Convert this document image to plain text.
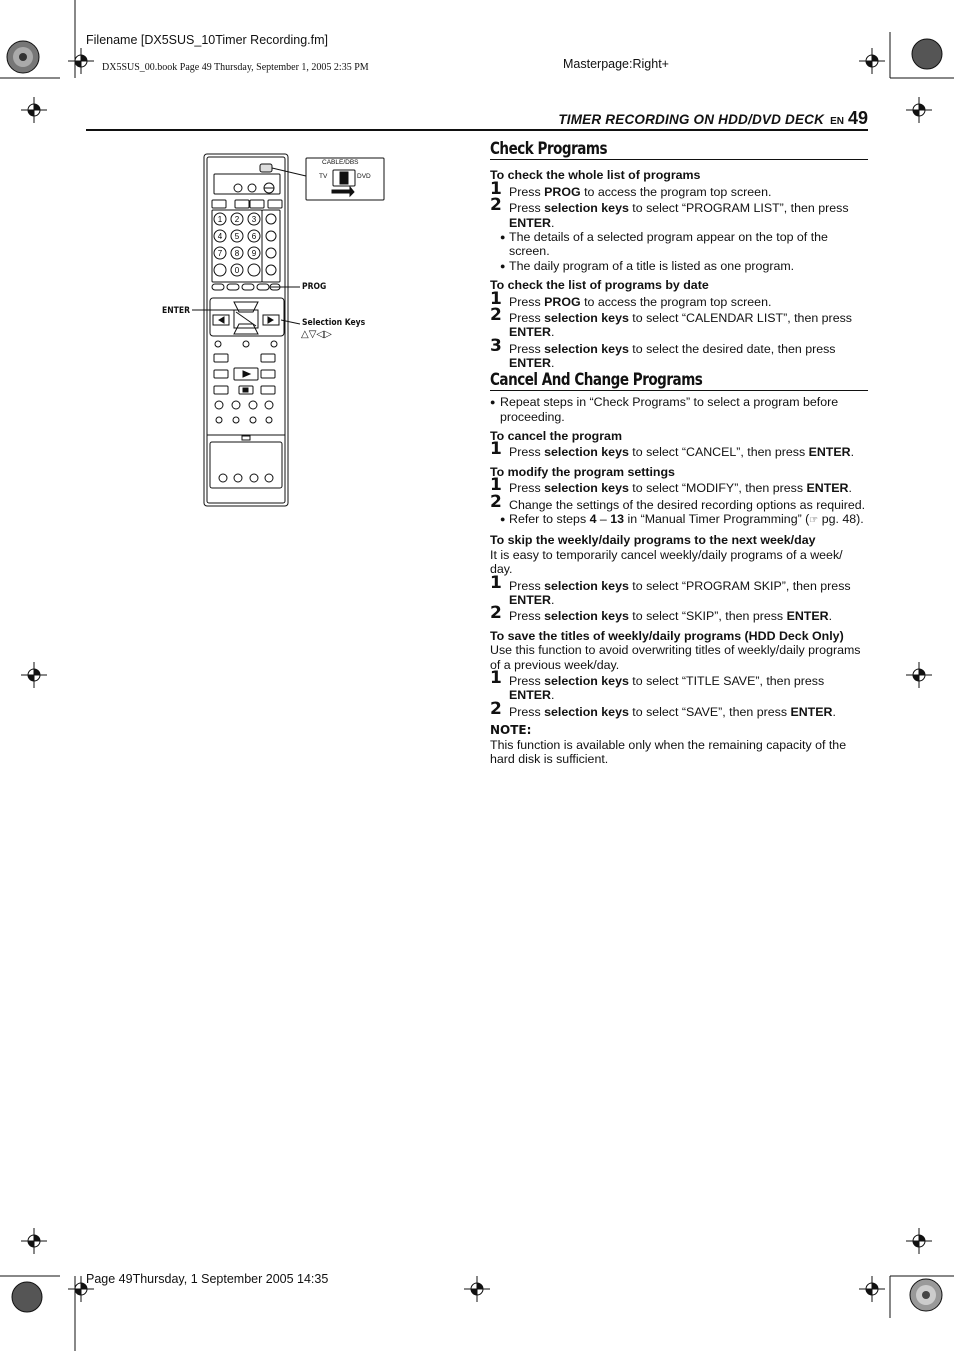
Filename [DX5SUS_10Timer Recording.fm]
DX5SUS_00.book Page 49 Thursday, September 1, 2005 2:35 PM	Masterpage:Right+
TIMER RECORDING ON HDD/DVD DECK EN 49
1 2 3
4 5 6
7 8 9
0
CABLE/DBS
TV	DVD
PROG
ENTER
Selection Keys
△▽◁▷
Check Programs
To check the whole list of programs
1 Press PROG to access the program top screen.
2 Press selection keys to select “PROGRAM LIST”, then press ENTER.
● The details of a selected program appear on the top of the screen.
● The daily program of a title is listed as one program.
To check the list of programs by date
1 Press PROG to access the program top screen.
2 Press selection keys to select “CALENDAR LIST”, then press ENTER.
3 Press selection keys to select the desired date, then press ENTER.
Cancel And Change Programs
● Repeat steps in “Check Programs” to select a program before proceeding.
To cancel the program
1 Press selection keys to select “CANCEL”, then press ENTER.
To modify the program settings
1 Press selection keys to select “MODIFY”, then press ENTER.
2 Change the settings of the desired recording options as required.
● Refer to steps 4 – 13 in “Manual Timer Programming” (☞ pg. 48).
To skip the weekly/daily programs to the next week/day
It is easy to temporarily cancel weekly/daily programs of a week/ day.
1 Press selection keys to select “PROGRAM SKIP”, then press ENTER.
2 Press selection keys to select “SKIP”, then press ENTER.
To save the titles of weekly/daily programs (HDD Deck Only)
Use this function to avoid overwriting titles of weekly/daily programs of a previous week/day.
1 Press selection keys to select “TITLE SAVE”, then press ENTER.
2 Press selection keys to select “SAVE”, then press ENTER.
NOTE:
This function is available only when the remaining capacity of the hard disk is sufficient.
Page 49Thursday, 1 September 2005 14:35
